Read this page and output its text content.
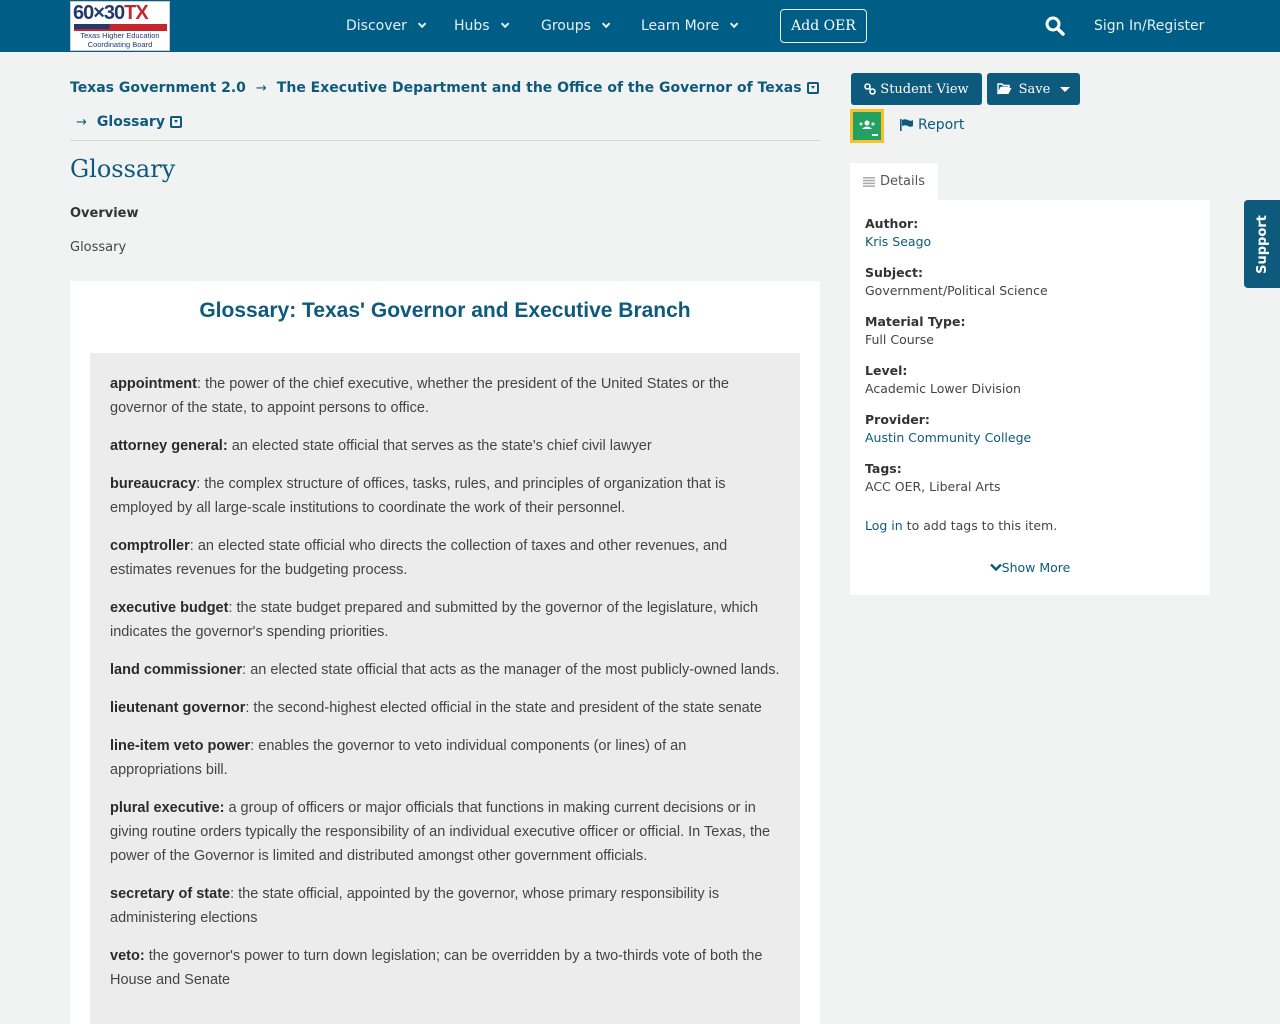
60×30TX
Texas Higher Education
Coordinating Board
Discover	Hubs	Groups	Learn More	Add OER	Sign In/Register
Texas Government 2.0 → The Executive Department and the Office of the Governor of Texas
→ Glossary
Glossary
Overview
Glossary
Glossary: Texas' Governor and Executive Branch

appointment: the power of the chief executive, whether the president of the United States or the governor of the state, to appoint persons to office.

attorney general: an elected state official that serves as the state's chief civil lawyer

bureaucracy: the complex structure of offices, tasks, rules, and principles of organization that is employed by all large-scale institutions to coordinate the work of their personnel.

comptroller: an elected state official who directs the collection of taxes and other revenues, and estimates revenues for the budgeting process.

executive budget: the state budget prepared and submitted by the governor of the legislature, which indicates the governor's spending priorities.

land commissioner: an elected state official that acts as the manager of the most publicly-owned lands.

lieutenant governor: the second-highest elected official in the state and president of the state senate

line-item veto power: enables the governor to veto individual components (or lines) of an appropriations bill.

plural executive: a group of officers or major officials that functions in making current decisions or in giving routine orders typically the responsibility of an individual executive officer or official. In Texas, the power of the Governor is limited and distributed amongst other government officials.

secretary of state: the state official, appointed by the governor, whose primary responsibility is administering elections

veto: the governor's power to turn down legislation; can be overridden by a two-thirds vote of both the House and Senate

Student View	Save
Report
Details
Author:
Kris Seago
Subject:
Government/Political Science
Material Type:
Full Course
Level:
Academic Lower Division
Provider:
Austin Community College
Tags:
ACC OER, Liberal Arts
Log in to add tags to this item.
Show More
Support
